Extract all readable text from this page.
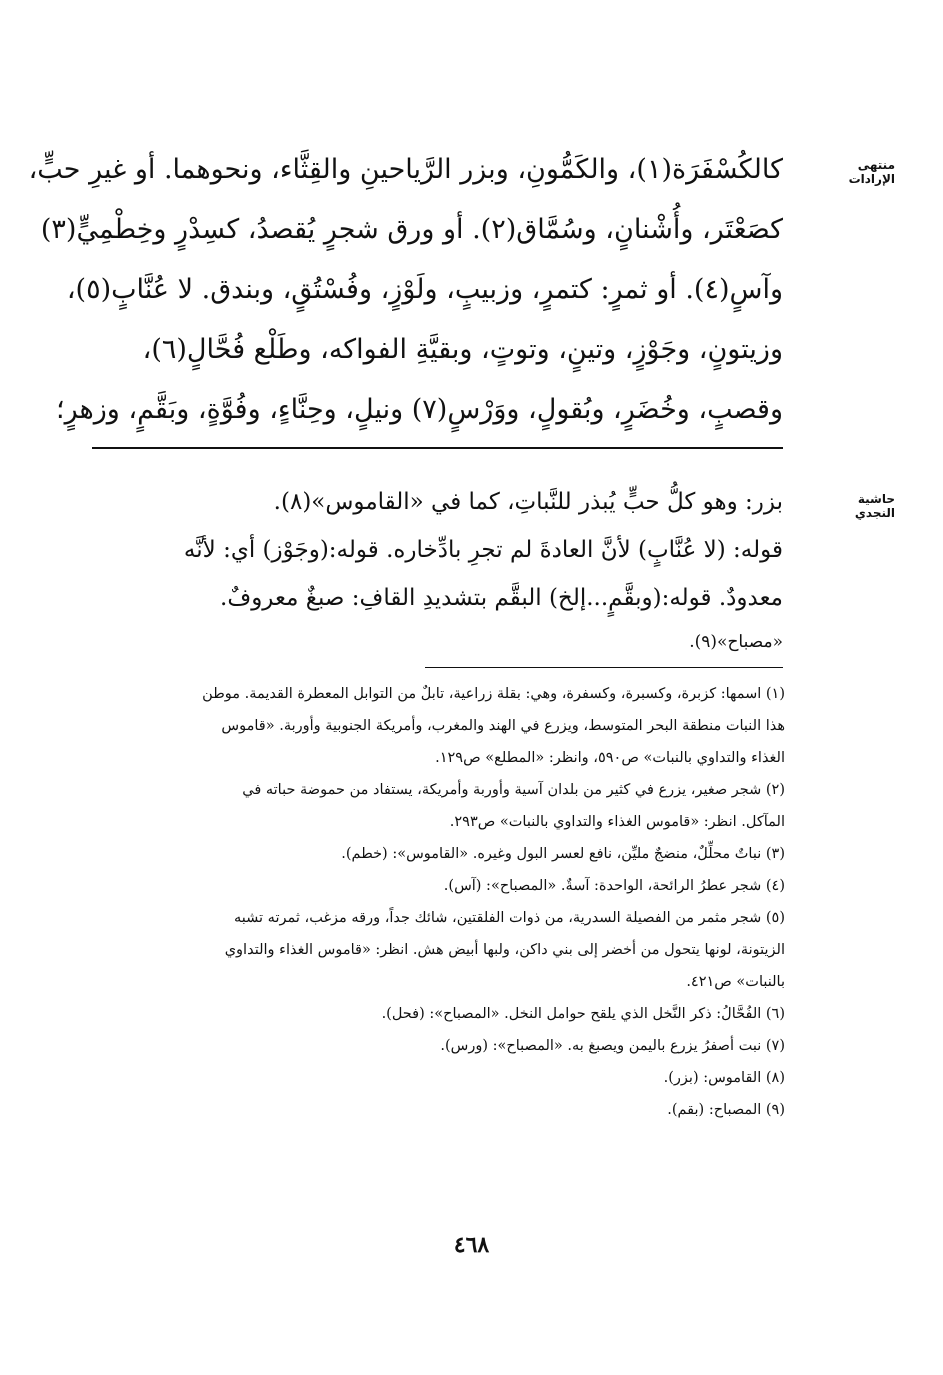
منتهى الإرادات
كالكُسْفَرَة(١)، والكَمُّونِ، وبزر الرَّياحينِ والقِثَّاء، ونحوهما. أو غيرِ حبٍّ،
كصَعْتَر، وأُشْنانٍ، وسُمَّاق(٢). أو ورق شجرٍ يُقصدُ، كسِدْرٍ وخِطْمِيٍّ(٣)
وآسٍ(٤). أو ثمرٍ: كتمرٍ، وزبيبٍ، ولَوْزٍ، وفُسْتُقٍ، وبندق. لا عُنَّابٍ(٥)،
وزيتونٍ، وجَوْزٍ، وتينٍ، وتوتٍ، وبقيَّةِ الفواكه، وطَلْع فُحَّالٍ(٦)،
وقصبٍ، وخُضَرٍ، وبُقولٍ، ووَرْسٍ(٧) ونيلٍ، وحِنَّاءٍ، وفُوَّةٍ، وبَقَّمٍ، وزهرٍ؛
حاشية النجدي
بزر: وهو كلُّ حبٍّ يُبذر للنَّباتِ، كما في «القاموس»(٨).
قوله: (لا عُنَّابٍ) لأنَّ العادةَ لم تجرِ بادِّخاره. قوله:(وجَوْز) أي: لأنَّه
معدودٌ. قوله:(وبقَّمٍ...إلخ) البقَّم بتشديدِ القافِ: صبغٌ معروفٌ.
«مصباح»(٩).
(١) اسمها: كزبرة، وكسبرة، وكسفرة، وهي: بقلة زراعية، تابلٌ من التوابل المعطرة القديمة. موطن
هذا النبات منطقة البحر المتوسط، ويزرع في الهند والمغرب، وأمريكة الجنوبية وأوربة. «قاموس
الغذاء والتداوي بالنبات» ص٥٩٠، وانظر: «المطلع» ص١٢٩.
(٢) شجر صغير، يزرع في كثير من بلدان آسية وأوربة وأمريكة، يستفاد من حموضة حباته في
المآكل. انظر: «قاموس الغذاء والتداوي بالنبات» ص٢٩٣.
(٣) نباتٌ محلِّلٌ، منضجٌ مليِّن، نافع لعسر البول وغيره. «القاموس»: (خطم).
(٤) شجر عطرُ الرائحة، الواحدة: آسةٌ. «المصباح»: (آس).
(٥) شجر مثمر من الفصيلة السدرية، من ذوات الفلقتين، شائك جداً، ورقه مزغب، ثمرته تشبه
الزيتونة، لونها يتحول من أخضر إلى بني داكن، ولبها أبيض هش. انظر: «قاموس الغذاء والتداوي
بالنبات» ص٤٢١.
(٦) الفُحَّالُ: ذكر النَّخل الذي يلقح حوامل النخل. «المصباح»: (فحل).
(٧) نبت أصفرُ يزرع باليمن ويصبغ به. «المصباح»: (ورس).
(٨) القاموس: (بزر).
(٩) المصباح: (بقم).
٤٦٨
